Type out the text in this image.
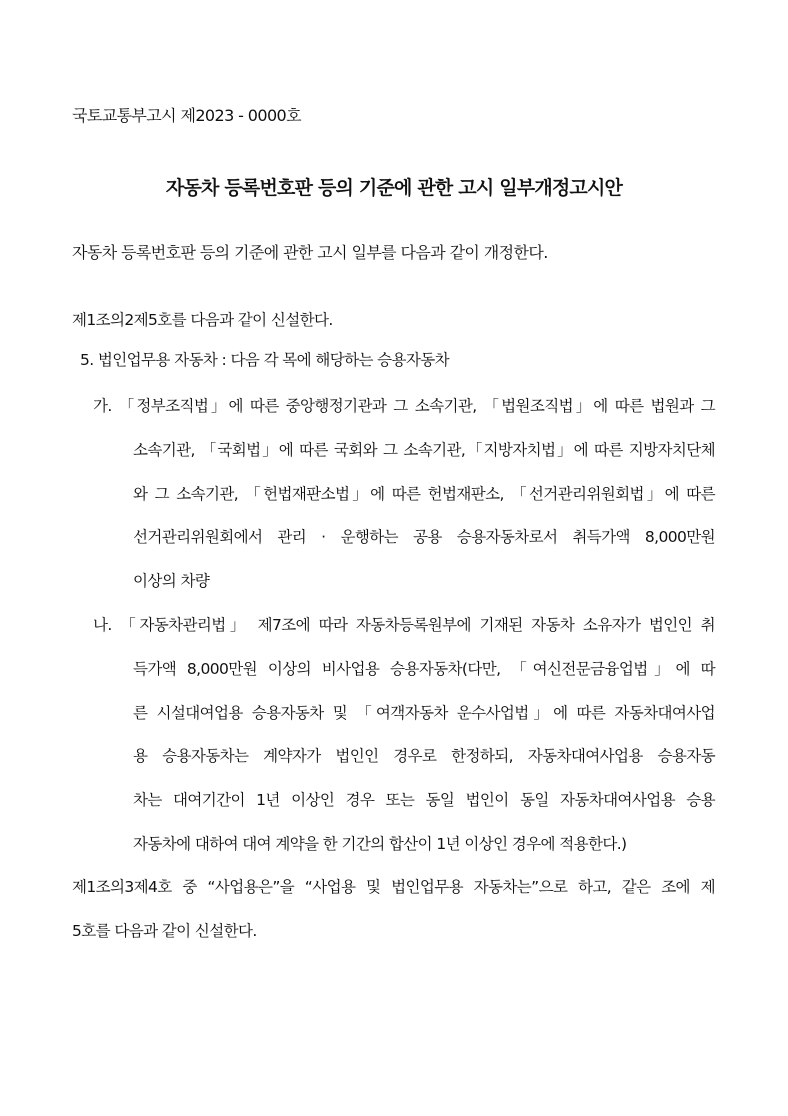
국토교통부고시 제2023 - 0000호
자동차 등록번호판 등의 기준에 관한 고시 일부개정고시안
자동차 등록번호판 등의 기준에 관한 고시 일부를 다음과 같이 개정한다.
제1조의2제5호를 다음과 같이 신설한다.
5. 법인업무용 자동차 : 다음 각 목에 해당하는 승용자동차
가. 「정부조직법」에 따른 중앙행정기관과 그 소속기관, 「법원조직법」에 따른 법원과 그
소속기관, 「국회법」에 따른 국회와 그 소속기관,「지방자치법」에 따른 지방자치단체
와 그 소속기관, 「헌법재판소법」에 따른 헌법재판소, 「선거관리위원회법」에 따른
선거관리위원회에서 관리 · 운행하는 공용 승용자동차로서 취득가액 8,000만원
이상의 차량
나. 「자동차관리법」 제7조에 따라 자동차등록원부에 기재된 자동차 소유자가 법인인 취
득가액 8,000만원 이상의 비사업용 승용자동차(다만, 「여신전문금융업법」에 따
른 시설대여업용 승용자동차 및 「여객자동차 운수사업법」에 따른 자동차대여사업
용 승용자동차는 계약자가 법인인 경우로 한정하되, 자동차대여사업용 승용자동
차는 대여기간이 1년 이상인 경우 또는 동일 법인이 동일 자동차대여사업용 승용
자동차에 대하여 대여 계약을 한 기간의 합산이 1년 이상인 경우에 적용한다.)
제1조의3제4호 중 “사업용은”을 “사업용 및 법인업무용 자동차는”으로 하고, 같은 조에 제
5호를 다음과 같이 신설한다.
